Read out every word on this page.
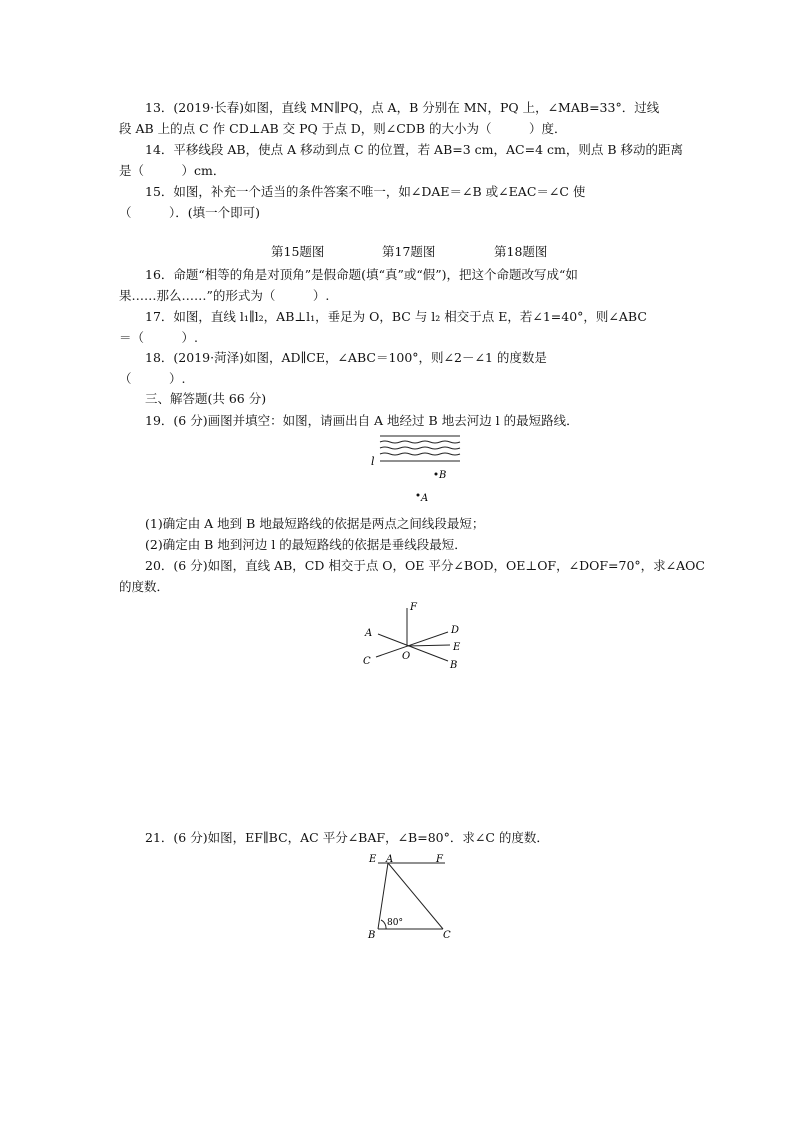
13．(2019·长春)如图，直线 MN∥PQ，点 A，B 分别在 MN，PQ 上，∠MAB=33°．过线
段 AB 上的点 C 作 CD⊥AB 交 PQ 于点 D，则∠CDB 的大小为（　　　）度．
14．平移线段 AB，使点 A 移动到点 C 的位置，若 AB=3 cm，AC=4 cm，则点 B 移动的距离
是（　　　）cm．
15．如图，补充一个适当的条件答案不唯一，如∠DAE＝∠B 或∠EAC＝∠C 使
（　　　）．(填一个即可)
第15题图	第17题图	第18题图
16．命题“相等的角是对顶角”是假命题(填“真”或“假”)，把这个命题改写成“如
果……那么……”的形式为（　　　）.
17．如图，直线 l₁∥l₂，AB⊥l₁，垂足为 O，BC 与 l₂ 相交于点 E，若∠1=40°，则∠ABC
＝（　　　）.
18．(2019·菏泽)如图，AD∥CE，∠ABC＝100°，则∠2－∠1 的度数是
（　　　）.
三、解答题(共 66 分)
19．(6 分)画图并填空：如图，请画出自 A 地经过 B 地去河边 l 的最短路线．
l
B
A
(1)确定由 A 地到 B 地最短路线的依据是两点之间线段最短；
(2)确定由 B 地到河边 l 的最短路线的依据是垂线段最短．
20．(6 分)如图，直线 AB，CD 相交于点 O，OE 平分∠BOD，OE⊥OF，∠DOF=70°，求∠AOC
的度数．
F
A	D
E
C	O
B
21．(6 分)如图，EF∥BC，AC 平分∠BAF，∠B=80°．求∠C 的度数．
E A	F
B	C
80°
